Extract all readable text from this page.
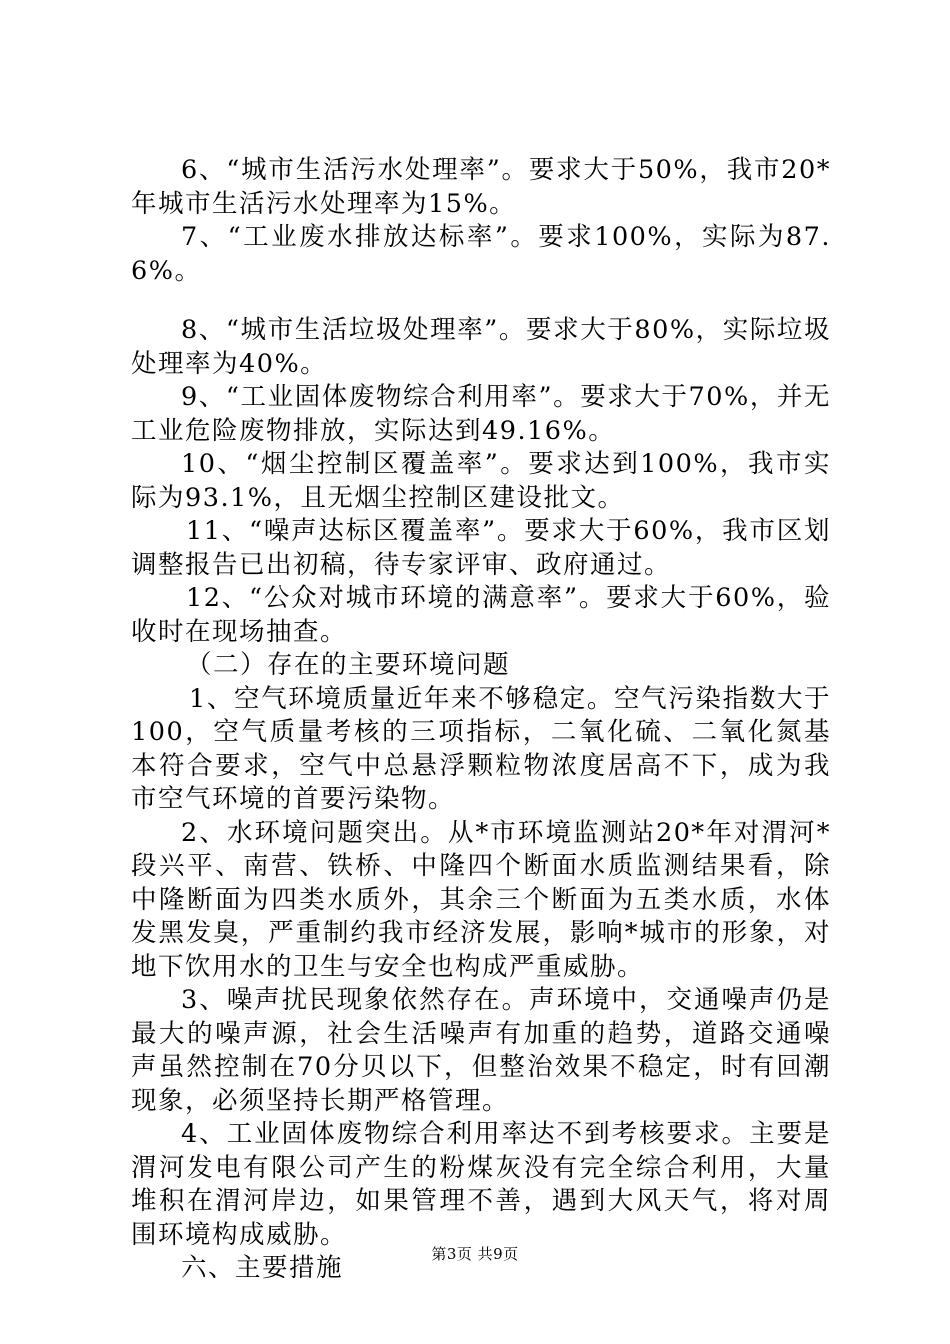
6、“城市生活污水处理率”。要求大于50%，我市20*年城市生活污水处理率为15%。

7、“工业废水排放达标率”。要求100%，实际为87.6%。

8、“城市生活垃圾处理率”。要求大于80%，实际垃圾处理率为40%。

9、“工业固体废物综合利用率”。要求大于70%，并无工业危险废物排放，实际达到49.16%。

10、“烟尘控制区覆盖率”。要求达到100%，我市实际为93.1%，且无烟尘控制区建设批文。

11、“噪声达标区覆盖率”。要求大于60%，我市区划调整报告已出初稿，待专家评审、政府通过。

12、“公众对城市环境的满意率”。要求大于60%，验收时在现场抽查。

（二）存在的主要环境问题

1、空气环境质量近年来不够稳定。空气污染指数大于100，空气质量考核的三项指标，二氧化硫、二氧化氮基本符合要求，空气中总悬浮颗粒物浓度居高不下，成为我市空气环境的首要污染物。

2、水环境问题突出。从*市环境监测站20*年对渭河*段兴平、南营、铁桥、中隆四个断面水质监测结果看，除中隆断面为四类水质外，其余三个断面为五类水质，水体发黑发臭，严重制约我市经济发展，影响*城市的形象，对地下饮用水的卫生与安全也构成严重威胁。

3、噪声扰民现象依然存在。声环境中，交通噪声仍是最大的噪声源，社会生活噪声有加重的趋势，道路交通噪声虽然控制在70分贝以下，但整治效果不稳定，时有回潮现象，必须坚持长期严格管理。

4、工业固体废物综合利用率达不到考核要求。主要是渭河发电有限公司产生的粉煤灰没有完全综合利用，大量堆积在渭河岸边，如果管理不善，遇到大风天气，将对周围环境构成威胁。

六、主要措施	第3页 共9页
